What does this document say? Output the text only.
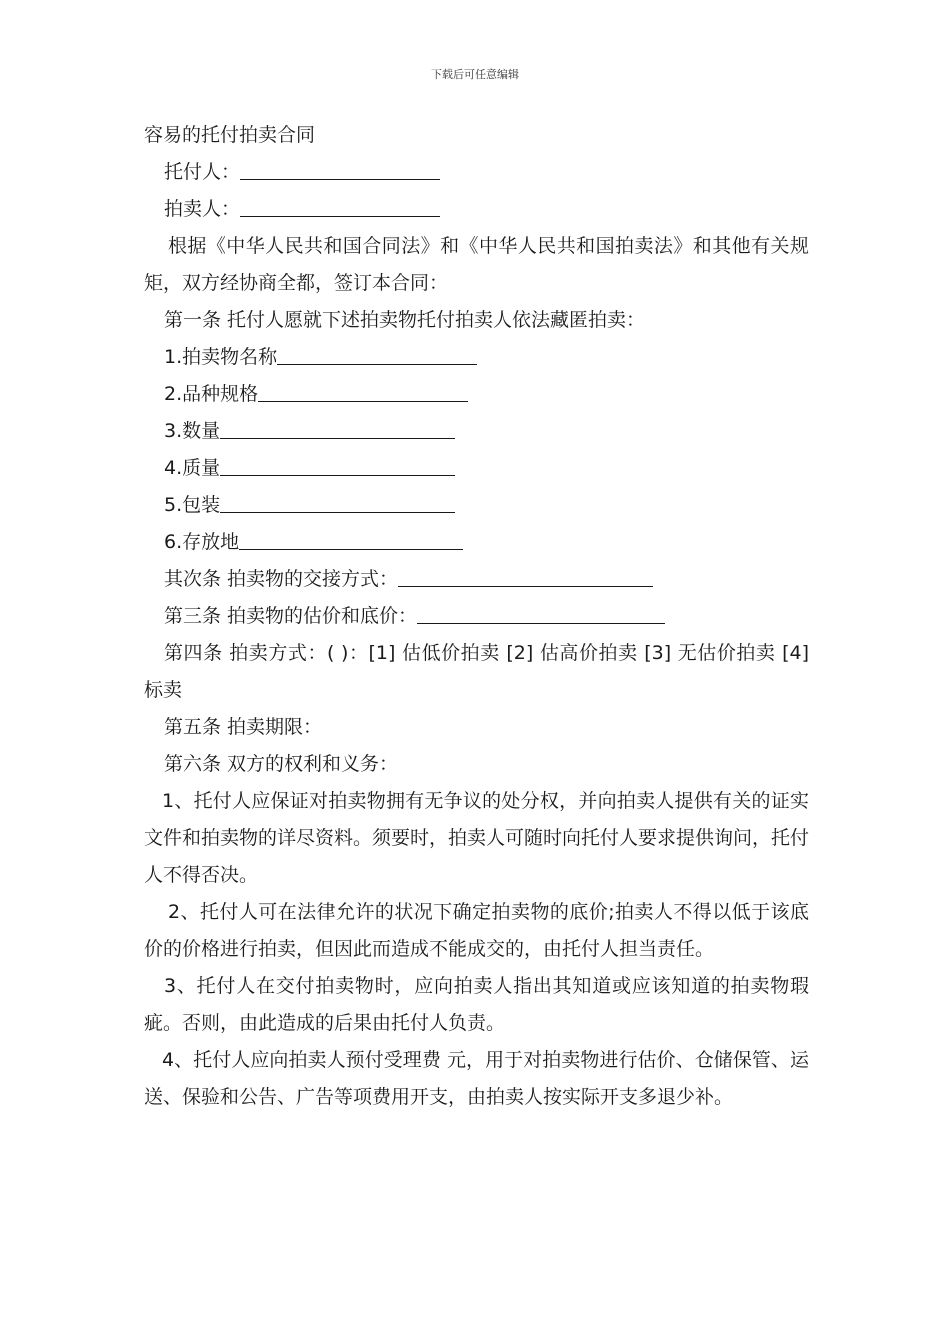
下载后可任意编辑

容易的托付拍卖合同

托付人：

拍卖人：

根据《中华人民共和国合同法》和《中华人民共和国拍卖法》和其他有关规矩，双方经协商全都，签订本合同：

第一条 托付人愿就下述拍卖物托付拍卖人依法藏匿拍卖：

1.拍卖物名称

2.品种规格

3.数量

4.质量

5.包装

6.存放地

其次条 拍卖物的交接方式：

第三条 拍卖物的估价和底价：

第四条 拍卖方式：( )：[1] 估低价拍卖 [2] 估高价拍卖 [3] 无估价拍卖 [4] 标卖

第五条 拍卖期限：

第六条 双方的权利和义务：

1、托付人应保证对拍卖物拥有无争议的处分权，并向拍卖人提供有关的证实文件和拍卖物的详尽资料。须要时，拍卖人可随时向托付人要求提供询问，托付人不得否决。

2、托付人可在法律允许的状况下确定拍卖物的底价;拍卖人不得以低于该底价的价格进行拍卖，但因此而造成不能成交的，由托付人担当责任。

3、托付人在交付拍卖物时，应向拍卖人指出其知道或应该知道的拍卖物瑕疵。否则，由此造成的后果由托付人负责。

4、托付人应向拍卖人预付受理费 元，用于对拍卖物进行估价、仓储保管、运送、保验和公告、广告等项费用开支，由拍卖人按实际开支多退少补。
